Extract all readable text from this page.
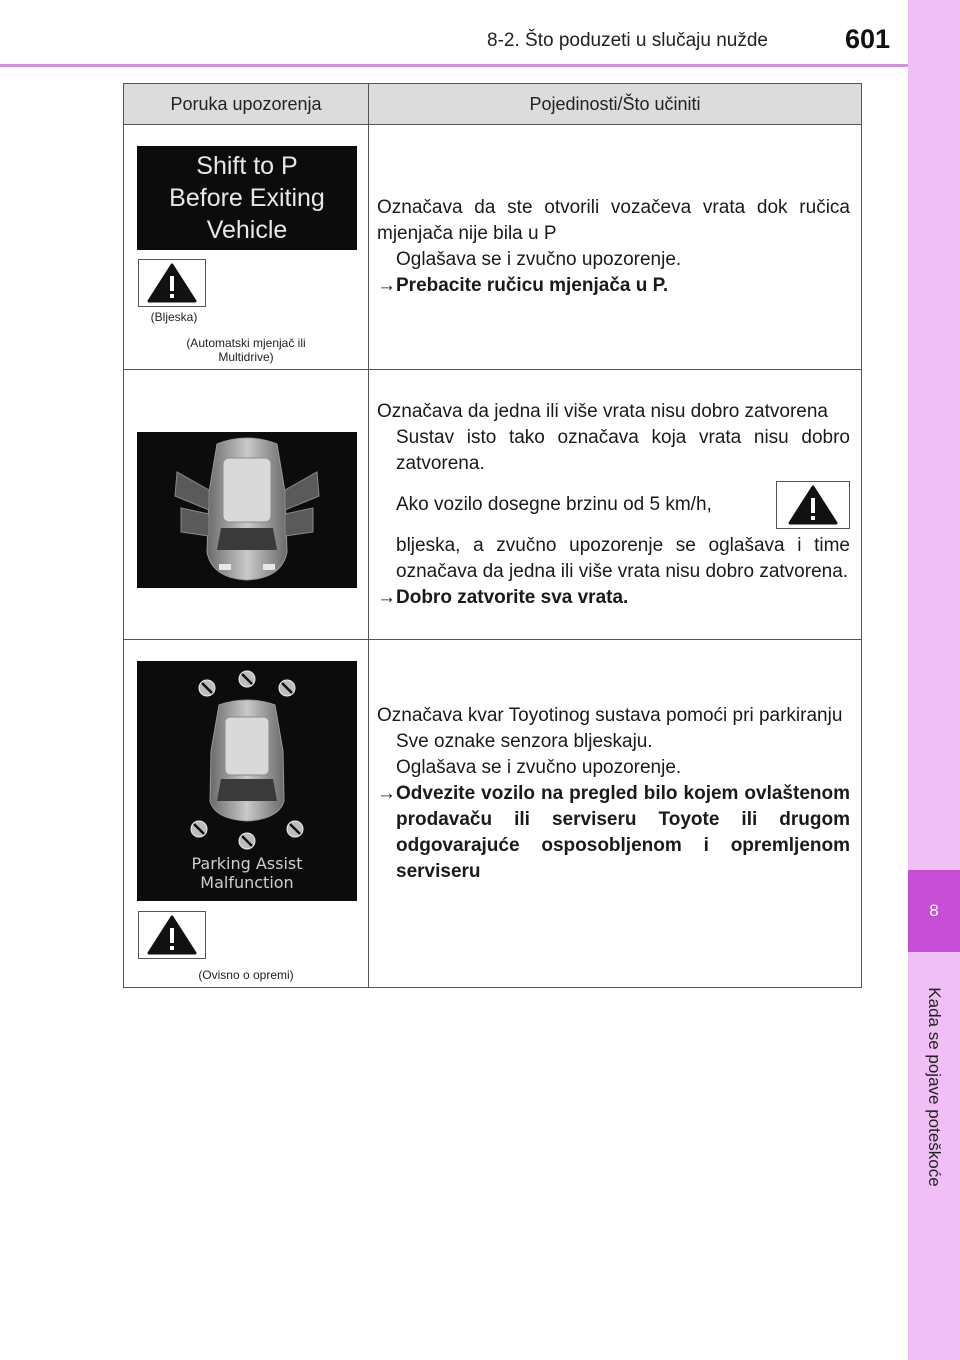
8-2. Što poduzeti u slučaju nužde	601
8
Kada se pojave poteškoće
Poruka upozorenja	Pojedinosti/Što učiniti
Shift to P
Before Exiting
Vehicle
(Bljeska)
(Automatski mjenjač ili Multidrive)
Označava da ste otvorili vozačeva vrata dok ručica mjenjača nije bila u P
Oglašava se i zvučno upozorenje.
→ Prebacite ručicu mjenjača u P.
Označava da jedna ili više vrata nisu dobro zatvorena
Sustav isto tako označava koja vrata nisu dobro zatvorena.
Ako vozilo dosegne brzinu od 5 km/h,
bljeska, a zvučno upozorenje se oglašava i time označava da jedna ili više vrata nisu dobro zatvorena.
→ Dobro zatvorite sva vrata.
Parking Assist
Malfunction
(Ovisno o opremi)
Označava kvar Toyotinog sustava pomoći pri parkiranju
Sve oznake senzora bljeskaju.
Oglašava se i zvučno upozorenje.
→ Odvezite vozilo na pregled bilo kojem ovlaštenom prodavaču ili serviseru Toyote ili drugom odgovarajuće osposobljenom i opremljenom serviseru
